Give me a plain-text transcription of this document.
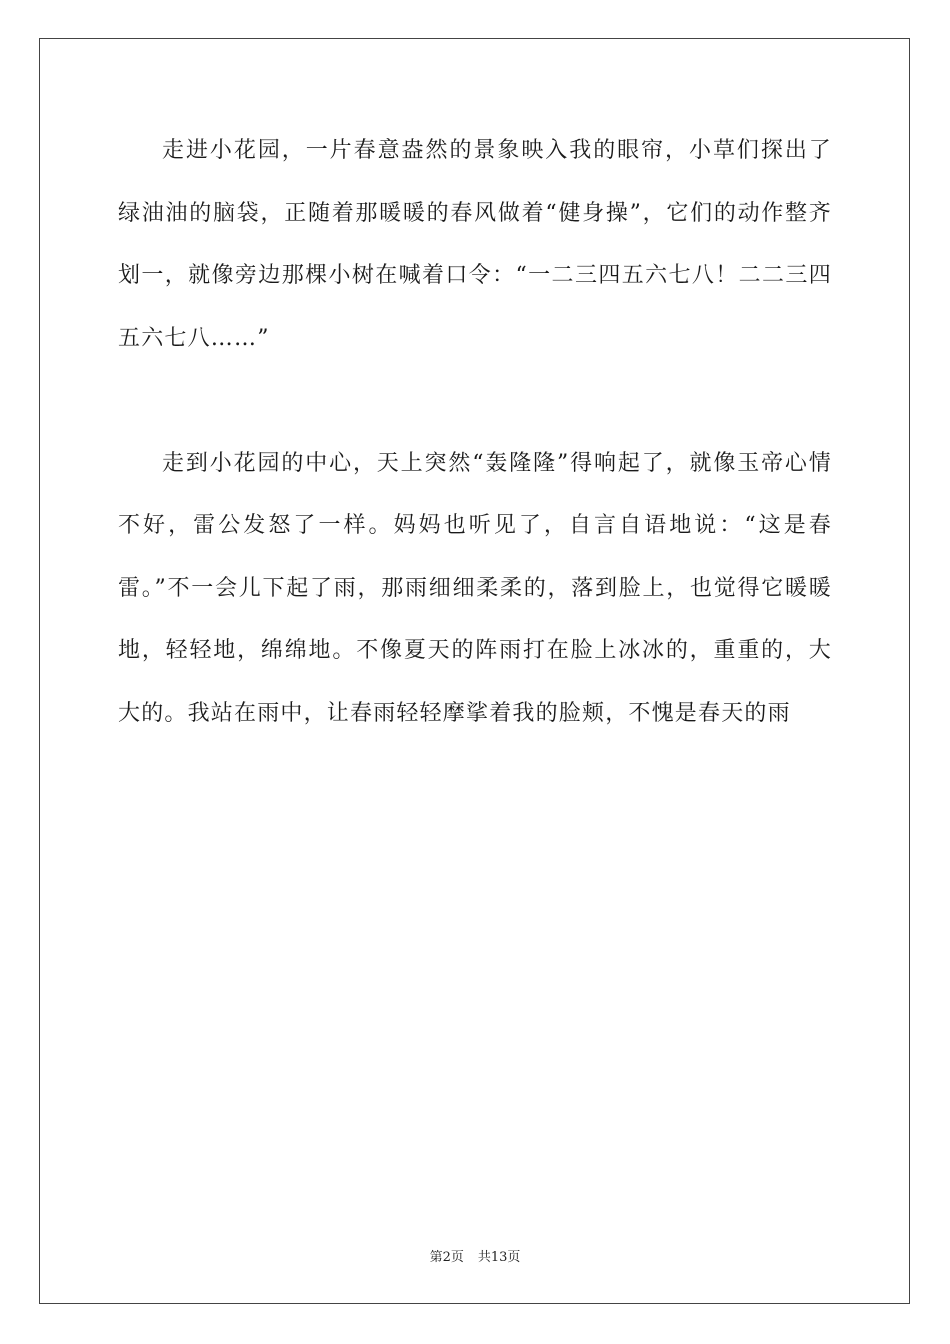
走进小花园，一片春意盎然的景象映入我的眼帘，小草们探出了绿油油的脑袋，正随着那暖暖的春风做着“健身操”，它们的动作整齐划一，就像旁边那棵小树在喊着口令：“一二三四五六七八！二二三四五六七八……”

走到小花园的中心，天上突然“轰隆隆”得响起了，就像玉帝心情不好，雷公发怒了一样。妈妈也听见了，自言自语地说：“这是春雷。”不一会儿下起了雨，那雨细细柔柔的，落到脸上，也觉得它暖暖地，轻轻地，绵绵地。不像夏天的阵雨打在脸上冰冰的，重重的，大大的。我站在雨中，让春雨轻轻摩挲着我的脸颊，不愧是春天的雨

第2页 共13页
